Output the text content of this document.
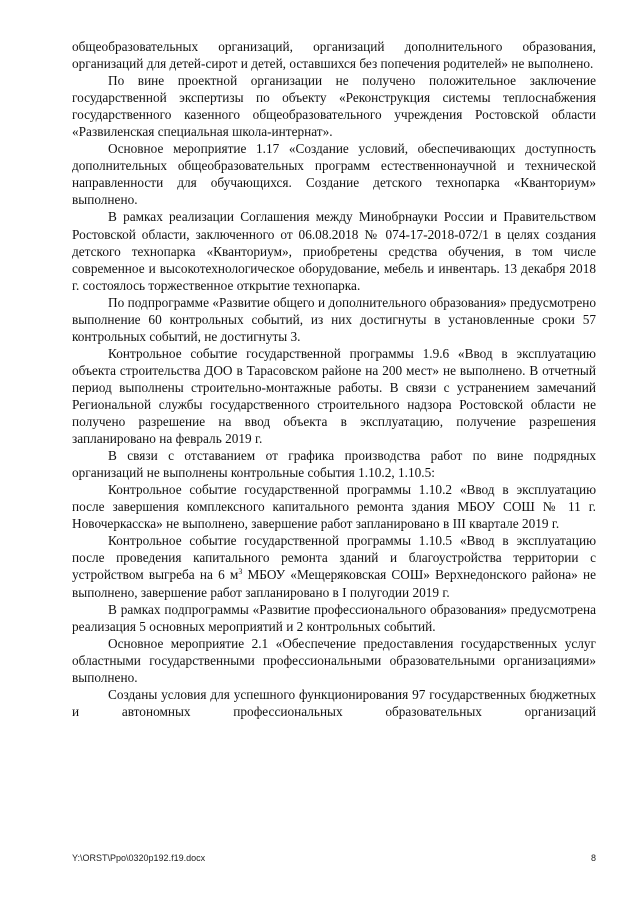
общеобразовательных организаций, организаций дополнительного образования, организаций для детей-сирот и детей, оставшихся без попечения родителей» не выполнено.

По вине проектной организации не получено положительное заключение государственной экспертизы по объекту «Реконструкция системы теплоснабжения государственного казенного общеобразовательного учреждения Ростовской области «Развиленская специальная школа-интернат».

Основное мероприятие 1.17 «Создание условий, обеспечивающих доступность дополнительных общеобразовательных программ естественнонаучной и технической направленности для обучающихся. Создание детского технопарка «Кванториум» выполнено.

В рамках реализации Соглашения между Минобрнауки России и Правительством Ростовской области, заключенного от 06.08.2018 № 074-17-2018-072/1 в целях создания детского технопарка «Кванториум», приобретены средства обучения, в том числе современное и высокотехнологическое оборудование, мебель и инвентарь. 13 декабря 2018 г. состоялось торжественное открытие технопарка.

По подпрограмме «Развитие общего и дополнительного образования» предусмотрено выполнение 60 контрольных событий, из них достигнуты в установленные сроки 57 контрольных событий, не достигнуты 3.

Контрольное событие государственной программы 1.9.6 «Ввод в эксплуатацию объекта строительства ДОО в Тарасовском районе на 200 мест» не выполнено. В отчетный период выполнены строительно-монтажные работы. В связи с устранением замечаний Региональной службы государственного строительного надзора Ростовской области не получено разрешение на ввод объекта в эксплуатацию, получение разрешения запланировано на февраль 2019 г.

В связи с отставанием от графика производства работ по вине подрядных организаций не выполнены контрольные события 1.10.2, 1.10.5:

Контрольное событие государственной программы 1.10.2 «Ввод в эксплуатацию после завершения комплексного капитального ремонта здания МБОУ СОШ № 11 г. Новочеркасска» не выполнено, завершение работ запланировано в III квартале 2019 г.

Контрольное событие государственной программы 1.10.5 «Ввод в эксплуатацию после проведения капитального ремонта зданий и благоустройства территории с устройством выгреба на 6 $м^3$ МБОУ «Мещеряковская СОШ» Верхнедонского района» не выполнено, завершение работ запланировано в I полугодии 2019 г.

В рамках подпрограммы «Развитие профессионального образования» предусмотрена реализация 5 основных мероприятий и 2 контрольных событий.

Основное мероприятие 2.1 «Обеспечение предоставления государственных услуг областными государственными профессиональными образовательными организациями» выполнено.

Созданы условия для успешного функционирования 97 государственных бюджетных и автономных профессиональных образовательных организаций

Y:\ORST\Ppo\0320p192.f19.docx	8
